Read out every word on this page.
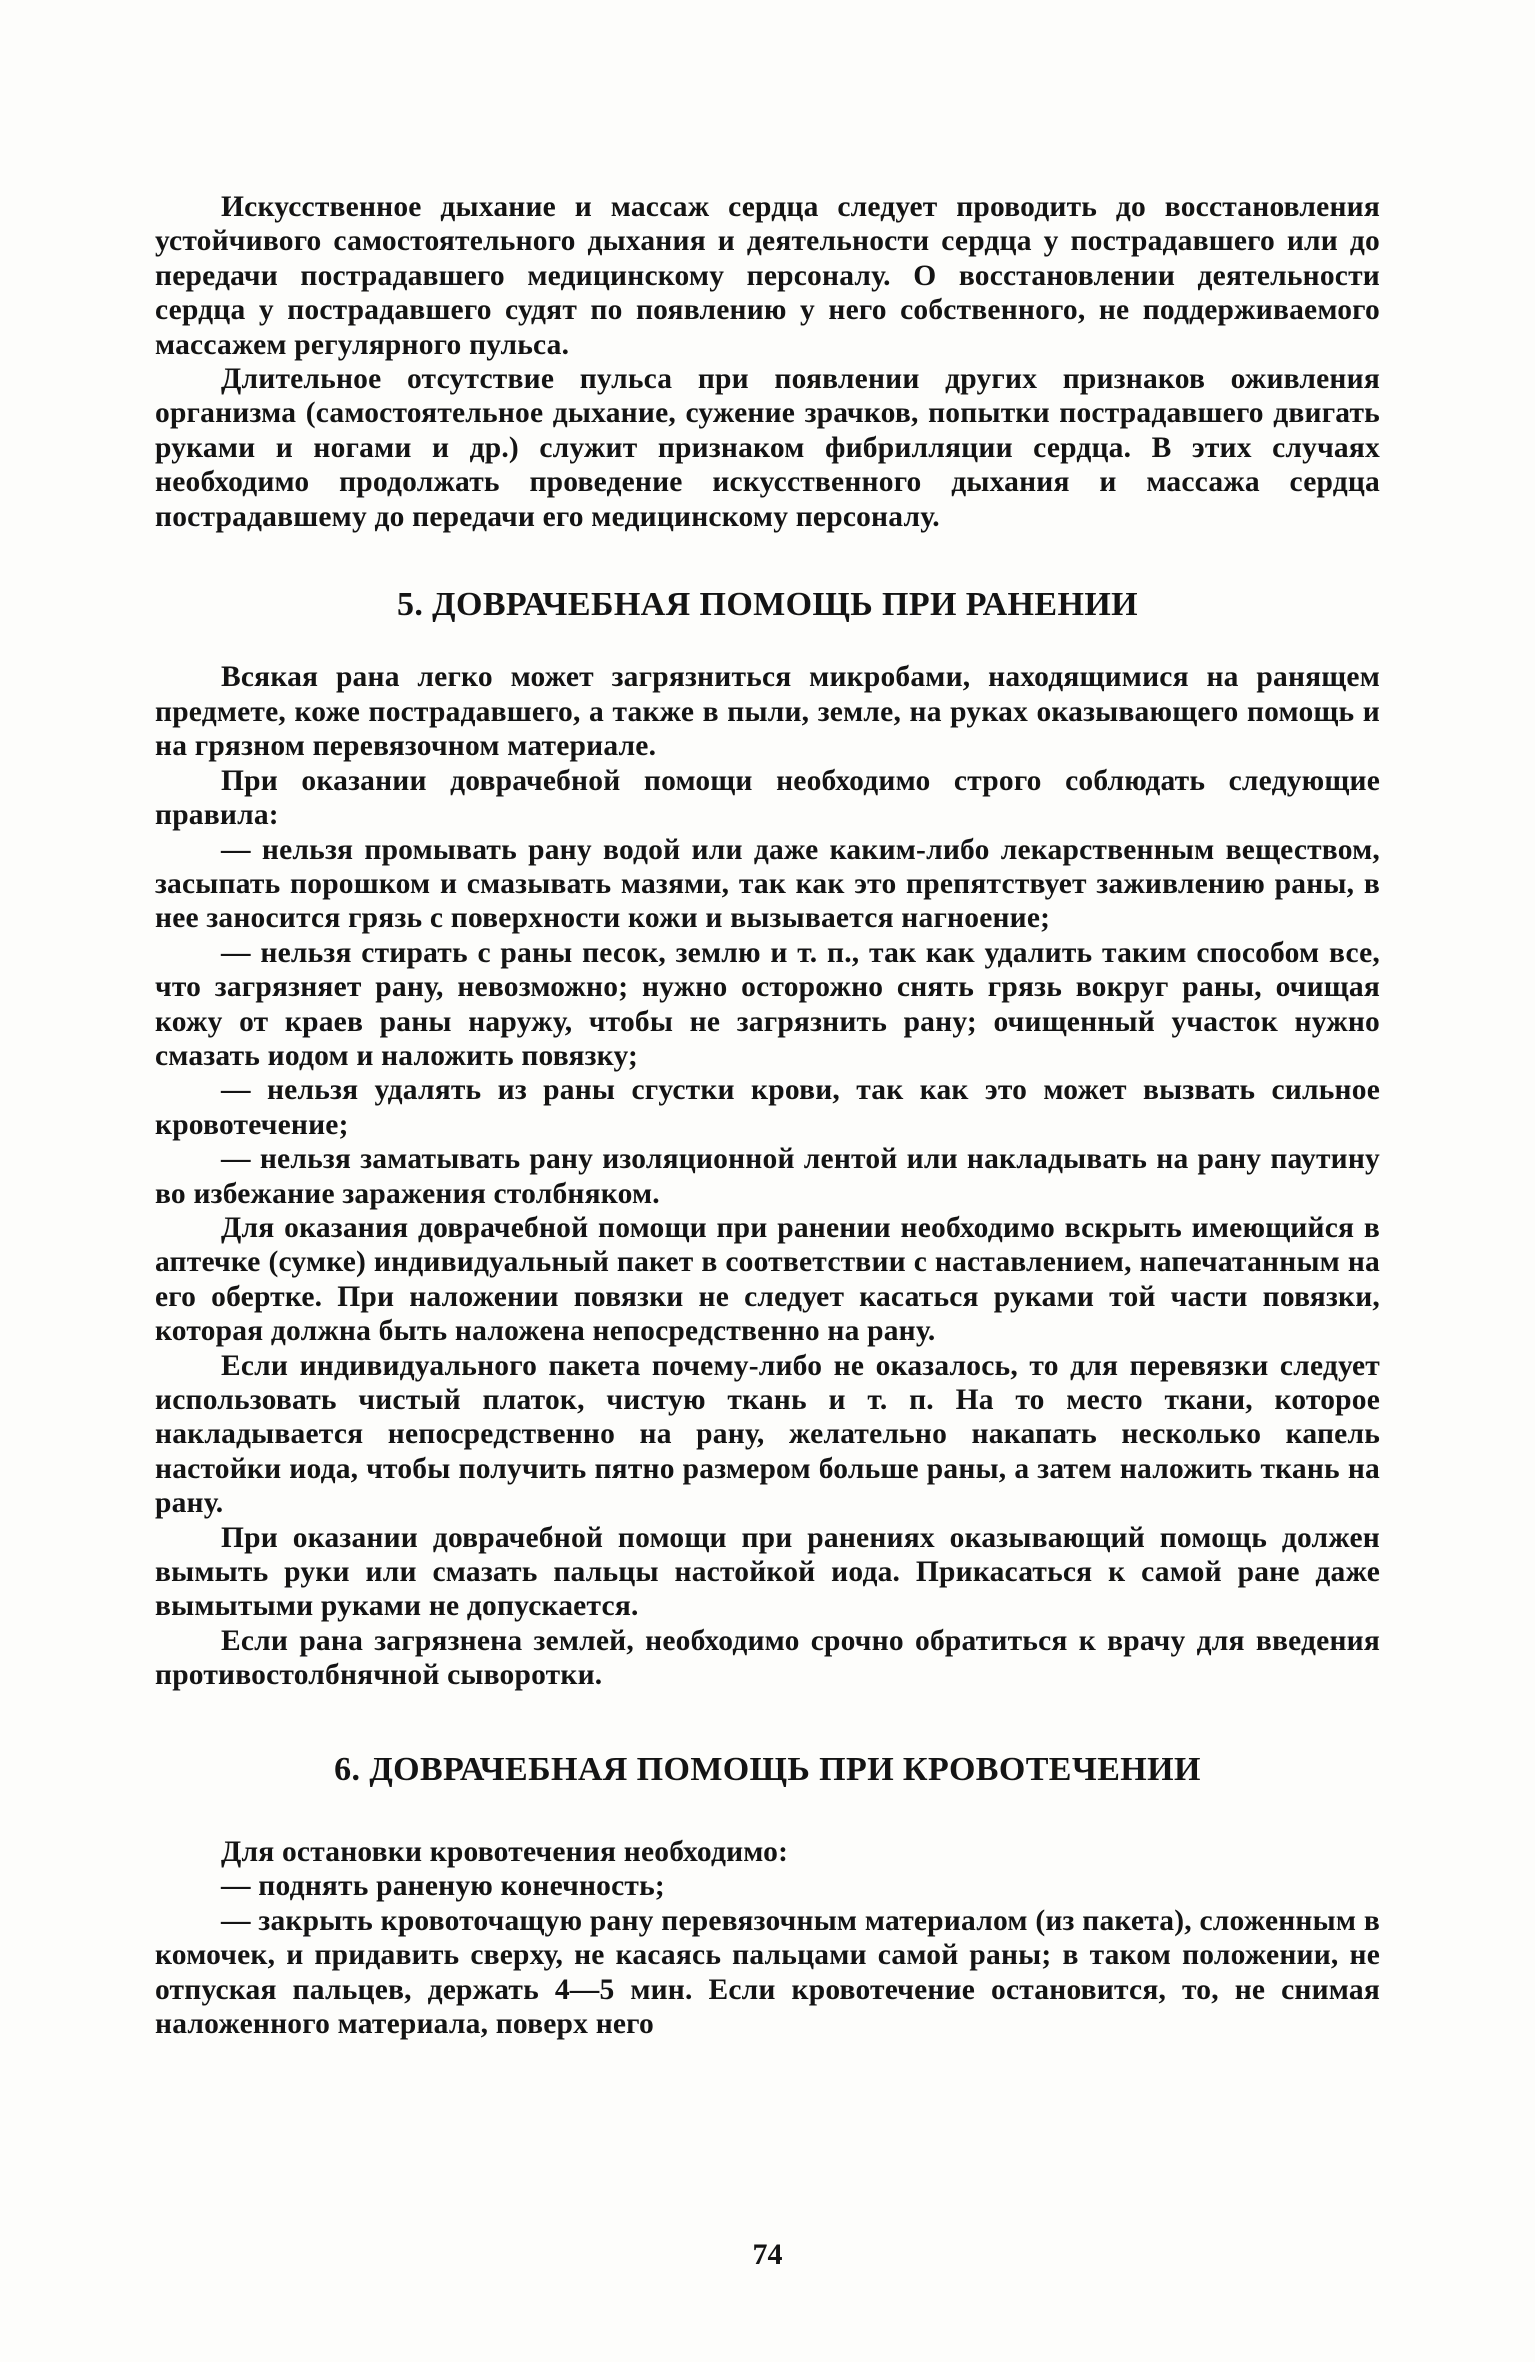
Искусственное дыхание и массаж сердца следует проводить до восстановления устойчивого самостоятельного дыхания и деятельности сердца у пострадавшего или до передачи пострадавшего медицинскому персоналу. О восстановлении деятельности сердца у пострадавшего судят по появлению у него собственного, не поддерживаемого массажем регулярного пульса.

Длительное отсутствие пульса при появлении других признаков оживления организма (самостоятельное дыхание, сужение зрачков, попытки пострадавшего двигать руками и ногами и др.) служит признаком фибрилляции сердца. В этих случаях необходимо продолжать проведение искусственного дыхания и массажа сердца пострадавшему до передачи его медицинскому персоналу.

5. ДОВРАЧЕБНАЯ ПОМОЩЬ ПРИ РАНЕНИИ

Всякая рана легко может загрязниться микробами, находящимися на ранящем предмете, коже пострадавшего, а также в пыли, земле, на руках оказывающего помощь и на грязном перевязочном материале.

При оказании доврачебной помощи необходимо строго соблюдать следующие правила:

— нельзя промывать рану водой или даже каким-либо лекарственным веществом, засыпать порошком и смазывать мазями, так как это препятствует заживлению раны, в нее заносится грязь с поверхности кожи и вызывается нагноение;

— нельзя стирать с раны песок, землю и т. п., так как удалить таким способом все, что загрязняет рану, невозможно; нужно осторожно снять грязь вокруг раны, очищая кожу от краев раны наружу, чтобы не загрязнить рану; очищенный участок нужно смазать иодом и наложить повязку;

— нельзя удалять из раны сгустки крови, так как это может вызвать сильное кровотечение;

— нельзя заматывать рану изоляционной лентой или накладывать на рану паутину во избежание заражения столбняком.

Для оказания доврачебной помощи при ранении необходимо вскрыть имеющийся в аптечке (сумке) индивидуальный пакет в соответствии с наставлением, напечатанным на его обертке. При наложении повязки не следует касаться руками той части повязки, которая должна быть наложена непосредственно на рану.

Если индивидуального пакета почему-либо не оказалось, то для перевязки следует использовать чистый платок, чистую ткань и т. п. На то место ткани, которое накладывается непосредственно на рану, желательно накапать несколько капель настойки иода, чтобы получить пятно размером больше раны, а затем наложить ткань на рану.

При оказании доврачебной помощи при ранениях оказывающий помощь должен вымыть руки или смазать пальцы настойкой иода. Прикасаться к самой ране даже вымытыми руками не допускается.

Если рана загрязнена землей, необходимо срочно обратиться к врачу для введения противостолбнячной сыворотки.

6. ДОВРАЧЕБНАЯ ПОМОЩЬ ПРИ КРОВОТЕЧЕНИИ

Для остановки кровотечения необходимо:

— поднять раненую конечность;

— закрыть кровоточащую рану перевязочным материалом (из пакета), сложенным в комочек, и придавить сверху, не касаясь пальцами самой раны; в таком положении, не отпуская пальцев, держать 4—5 мин. Если кровотечение остановится, то, не снимая наложенного материала, поверх него

74
